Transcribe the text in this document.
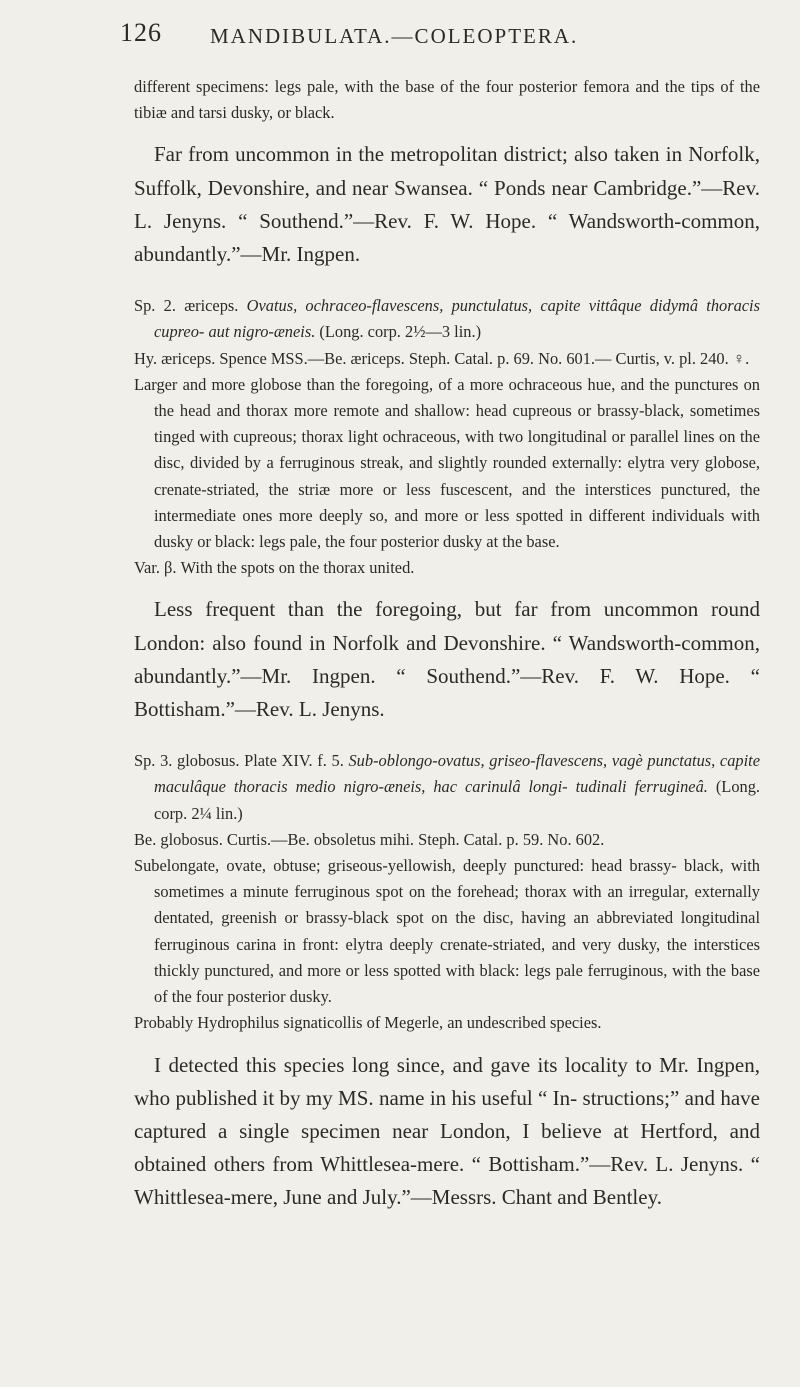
126 MANDIBULATA.—COLEOPTERA.

different specimens: legs pale, with the base of the four posterior femora and the tips of the tibiæ and tarsi dusky, or black.

Far from uncommon in the metropolitan district; also taken in Norfolk, Suffolk, Devonshire, and near Swansea. “ Ponds near Cambridge.”—Rev. L. Jenyns. “ Southend.”—Rev. F. W. Hope. “ Wandsworth-common, abundantly.”—Mr. Ingpen.

Sp. 2. æriceps. Ovatus, ochraceo-flavescens, punctulatus, capite vittâque didymâ thoracis cupreo- aut nigro-æneis. (Long. corp. 2½—3 lin.)

Hy. æriceps. Spence MSS.—Be. æriceps. Steph. Catal. p. 69. No. 601.— Curtis, v. pl. 240. ♀.

Larger and more globose than the foregoing, of a more ochraceous hue, and the punctures on the head and thorax more remote and shallow: head cupreous or brassy-black, sometimes tinged with cupreous; thorax light ochraceous, with two longitudinal or parallel lines on the disc, divided by a ferruginous streak, and slightly rounded externally: elytra very globose, crenate-striated, the striæ more or less fuscescent, and the interstices punctured, the intermediate ones more deeply so, and more or less spotted in different individuals with dusky or black: legs pale, the four posterior dusky at the base.

Var. β. With the spots on the thorax united.

Less frequent than the foregoing, but far from uncommon round London: also found in Norfolk and Devonshire. “ Wandsworth-common, abundantly.”—Mr. Ingpen. “ Southend.”—Rev. F. W. Hope. “ Bottisham.”—Rev. L. Jenyns.

Sp. 3. globosus. Plate XIV. f. 5. Sub-oblongo-ovatus, griseo-flavescens, vagè punctatus, capite maculâque thoracis medio nigro-æneis, hac carinulâ longi- tudinali ferrugineâ. (Long. corp. 2¼ lin.)

Be. globosus. Curtis.—Be. obsoletus mihi. Steph. Catal. p. 59. No. 602.

Subelongate, ovate, obtuse; griseous-yellowish, deeply punctured: head brassy- black, with sometimes a minute ferruginous spot on the forehead; thorax with an irregular, externally dentated, greenish or brassy-black spot on the disc, having an abbreviated longitudinal ferruginous carina in front: elytra deeply crenate-striated, and very dusky, the interstices thickly punctured, and more or less spotted with black: legs pale ferruginous, with the base of the four posterior dusky.

Probably Hydrophilus signaticollis of Megerle, an undescribed species.

I detected this species long since, and gave its locality to Mr. Ingpen, who published it by my MS. name in his useful “ In- structions;” and have captured a single specimen near London, I believe at Hertford, and obtained others from Whittlesea-mere. “ Bottisham.”—Rev. L. Jenyns. “ Whittlesea-mere, June and July.”—Messrs. Chant and Bentley.
